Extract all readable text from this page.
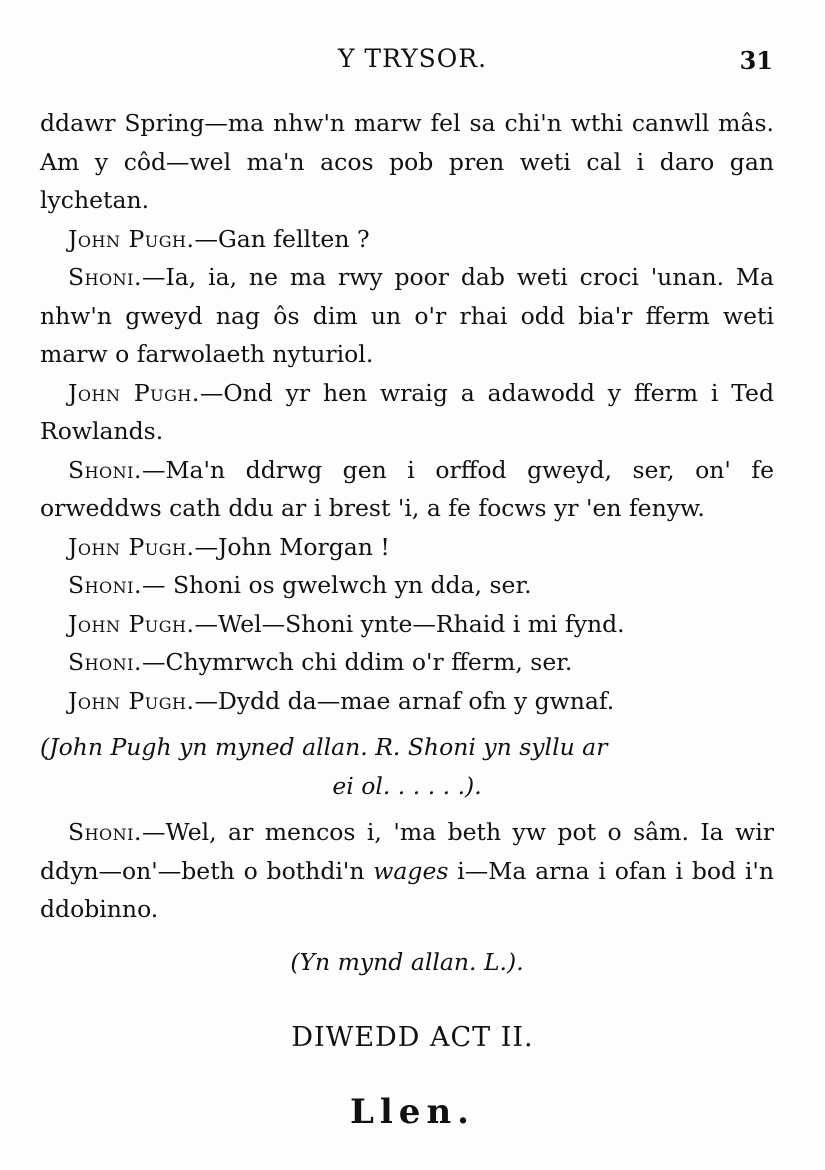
Y TRYSOR.	31

ddawr Spring—ma nhw'n marw fel sa chi'n wthi canwll mâs. Am y côd—wel ma'n acos pob pren weti cal i daro gan lychetan.

John Pugh.—Gan fellten ?

Shoni.—Ia, ia, ne ma rwy poor dab weti croci 'unan. Ma nhw'n gweyd nag ôs dim un o'r rhai odd bia'r fferm weti marw o farwolaeth nyturiol.

John Pugh.—Ond yr hen wraig a adawodd y fferm i Ted Rowlands.

Shoni.—Ma'n ddrwg gen i orffod gweyd, ser, on' fe orweddws cath ddu ar i brest 'i, a fe focws yr 'en fenyw.

John Pugh.—John Morgan !

Shoni.— Shoni os gwelwch yn dda, ser.

John Pugh.—Wel—Shoni ynte—Rhaid i mi fynd.

Shoni.—Chymrwch chi ddim o'r fferm, ser.

John Pugh.—Dydd da—mae arnaf ofn y gwnaf.

(John Pugh yn myned allan. R. Shoni yn syllu ar
ei ol. . . . . .).

Shoni.—Wel, ar mencos i, 'ma beth yw pot o sâm. Ia wir ddyn—on'—beth o bothdi'n wages i—Ma arna i ofan i bod i'n ddobinno.

(Yn mynd allan. L.).

DIWEDD ACT II.
Llen.
